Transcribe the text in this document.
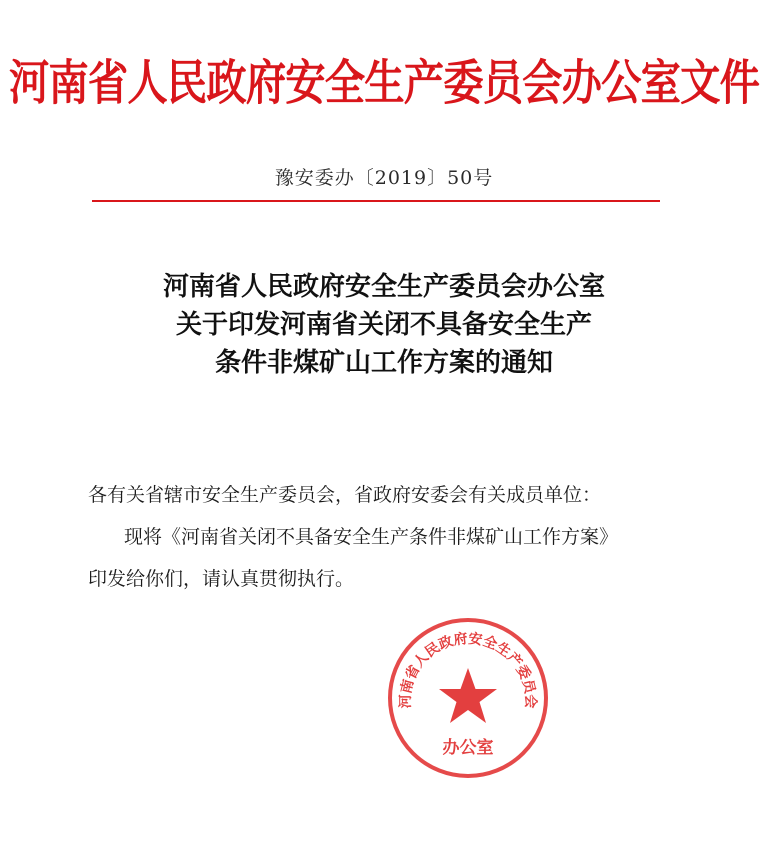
河南省人民政府安全生产委员会办公室文件
豫安委办〔2019〕50号
河南省人民政府安全生产委员会办公室
关于印发河南省关闭不具备安全生产
条件非煤矿山工作方案的通知
各有关省辖市安全生产委员会，省政府安委会有关成员单位：
现将《河南省关闭不具备安全生产条件非煤矿山工作方案》
印发给你们，请认真贯彻执行。
河南省人民政府安全生产委员会
办公室
